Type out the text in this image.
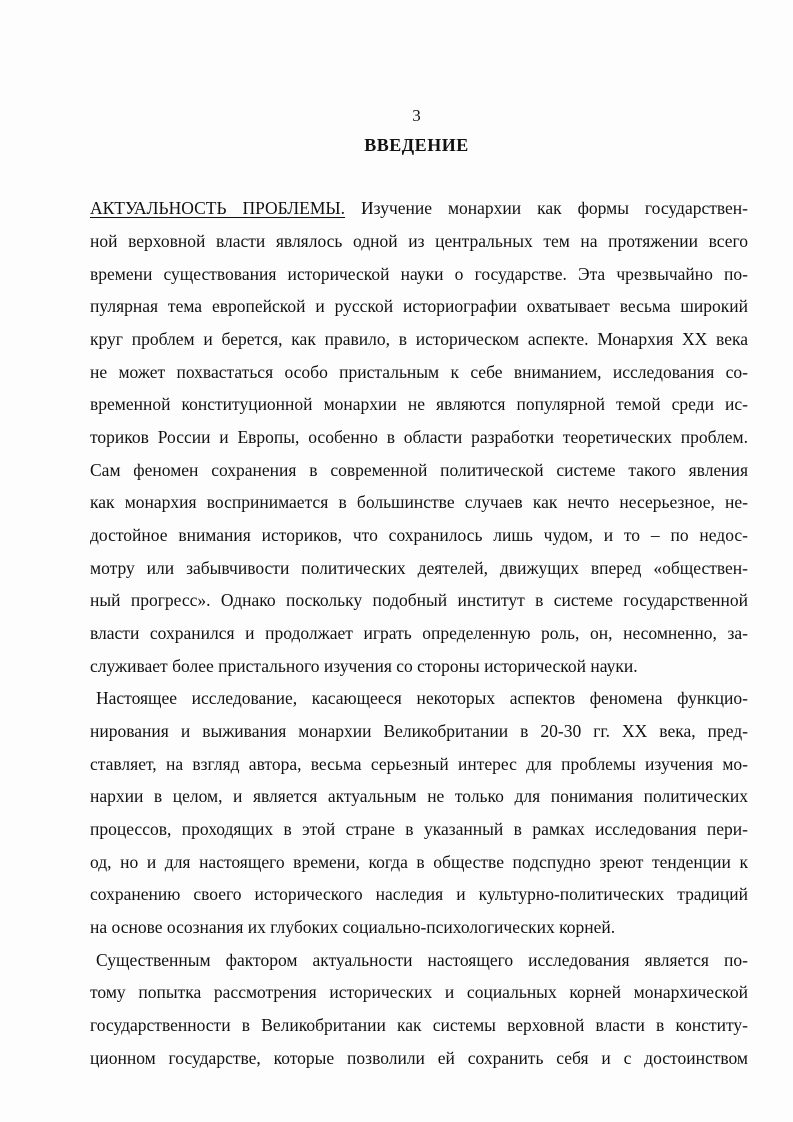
3
ВВЕДЕНИЕ
АКТУАЛЬНОСТЬ ПРОБЛЕМЫ. Изучение монархии как формы государствен-
ной верховной власти являлось одной из центральных тем на протяжении всего
времени существования исторической науки о государстве. Эта чрезвычайно по-
пулярная тема европейской и русской историографии охватывает весьма широкий
круг проблем и берется, как правило, в историческом аспекте. Монархия XX века
не может похвастаться особо пристальным к себе вниманием, исследования со-
временной конституционной монархии не являются популярной темой среди ис-
ториков России и Европы, особенно в области разработки теоретических проблем.
Сам феномен сохранения в современной политической системе такого явления
как монархия воспринимается в большинстве случаев как нечто несерьезное, не-
достойное внимания историков, что сохранилось лишь чудом, и то – по недос-
мотру или забывчивости политических деятелей, движущих вперед «обществен-
ный прогресс». Однако поскольку подобный институт в системе государственной
власти сохранился и продолжает играть определенную роль, он, несомненно, за-
служивает более пристального изучения со стороны исторической науки.
Настоящее исследование, касающееся некоторых аспектов феномена функцио-
нирования и выживания монархии Великобритании в 20-30 гг. XX века, пред-
ставляет, на взгляд автора, весьма серьезный интерес для проблемы изучения мо-
нархии в целом, и является актуальным не только для понимания политических
процессов, проходящих в этой стране в указанный в рамках исследования пери-
од, но и для настоящего времени, когда в обществе подспудно зреют тенденции к
сохранению своего исторического наследия и культурно-политических традиций
на основе осознания их глубоких социально-психологических корней.
Существенным фактором актуальности настоящего исследования является по-
тому попытка рассмотрения исторических и социальных корней монархической
государственности в Великобритании как системы верховной власти в конститу-
ционном государстве, которые позволили ей сохранить себя и с достоинством
